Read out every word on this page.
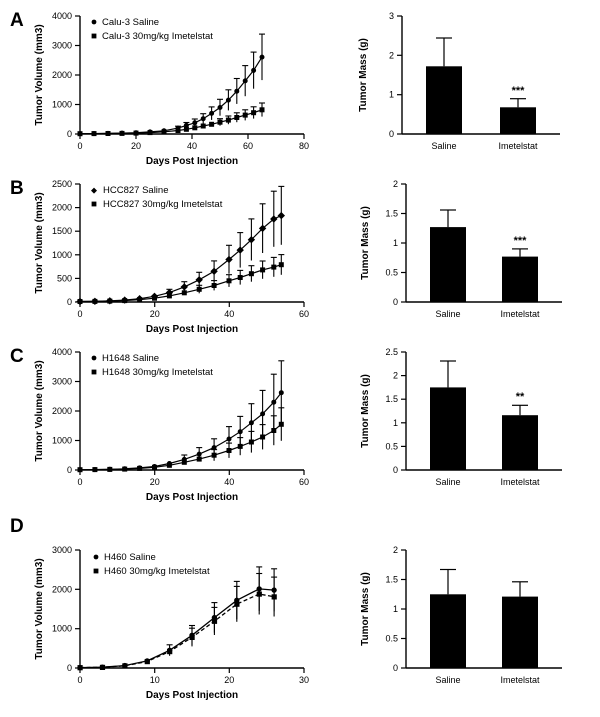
A
0
1000
2000
3000
4000
0	20	40	60	80
Tumor Volume (mm3)
Days Post Injection
Calu-3 Saline
Calu-3 30mg/kg Imetelstat
0
1
2
3
Tumor Mass (g)	***
Saline	Imetelstat
B
0
500
1000
1500
2000
2500
0	20	40	60
Tumor Volume (mm3)
Days Post Injection
HCC827 Saline
HCC827 30mg/kg Imetelstat
0
0.5
1
1.5
2
Tumor Mass (g)	***
Saline	Imetelstat
C
0
1000
2000
3000
4000
0	20	40	60
Tumor Volume (mm3)
Days Post Injection
H1648 Saline
H1648 30mg/kg Imetelstat
0
0.5
1
1.5
2
2.5
Tumor Mass (g)	**
Saline	Imetelstat
D
0
1000
2000
3000
0	10	20	30
Tumor Volume (mm3)
Days Post Injection
H460 Saline
H460 30mg/kg Imetelstat
0
0.5
1
1.5
2
Tumor Mass (g)
Saline	Imetelstat
